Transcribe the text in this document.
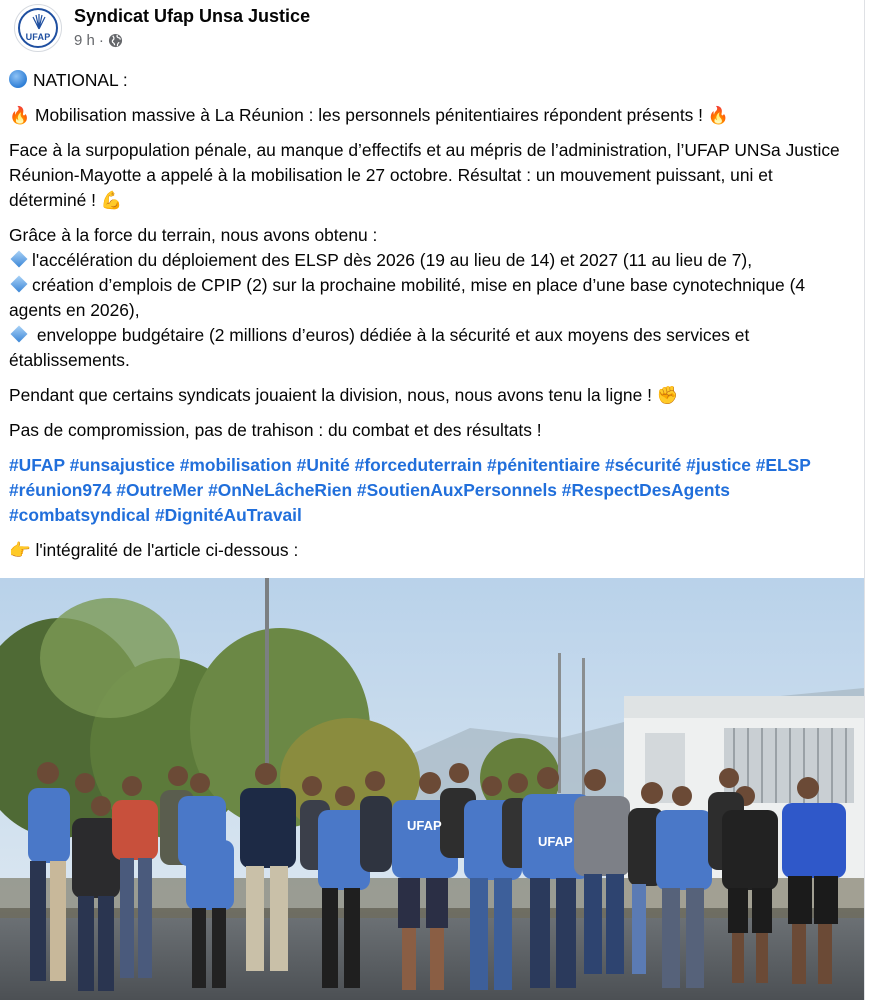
UFAP
Syndicat Ufap Unsa Justice
9 h ·

NATIONAL :

🔥 Mobilisation massive à La Réunion : les personnels pénitentiaires répondent présents ! 🔥

Face à la surpopulation pénale, au manque d’effectifs et au mépris de l’administration, l’UFAP UNSa Justice Réunion-Mayotte a appelé à la mobilisation le 27 octobre. Résultat : un mouvement puissant, uni et déterminé ! 💪

Grâce à la force du terrain, nous avons obtenu :

l'accélération du déploiement des ELSP dès 2026 (19 au lieu de 14) et 2027 (11 au lieu de 7),

création d’emplois de CPIP (2) sur la prochaine mobilité, mise en place d’une base cynotechnique (4 agents en 2026),

enveloppe budgétaire (2 millions d’euros) dédiée à la sécurité et aux moyens des services et établissements.

Pendant que certains syndicats jouaient la division, nous, nous avons tenu la ligne ! ✊

Pas de compromission, pas de trahison : du combat et des résultats !

#UFAP #unsajustice #mobilisation #Unité #forceduterrain #pénitentiaire #sécurité #justice #ELSP #réunion974 #OutreMer #OnNeLâcheRien #SoutienAuxPersonnels #RespectDesAgents #combatsyndical #DignitéAuTravail

👉 l'intégralité de l'article ci-dessous :

UFAP
UFAP
